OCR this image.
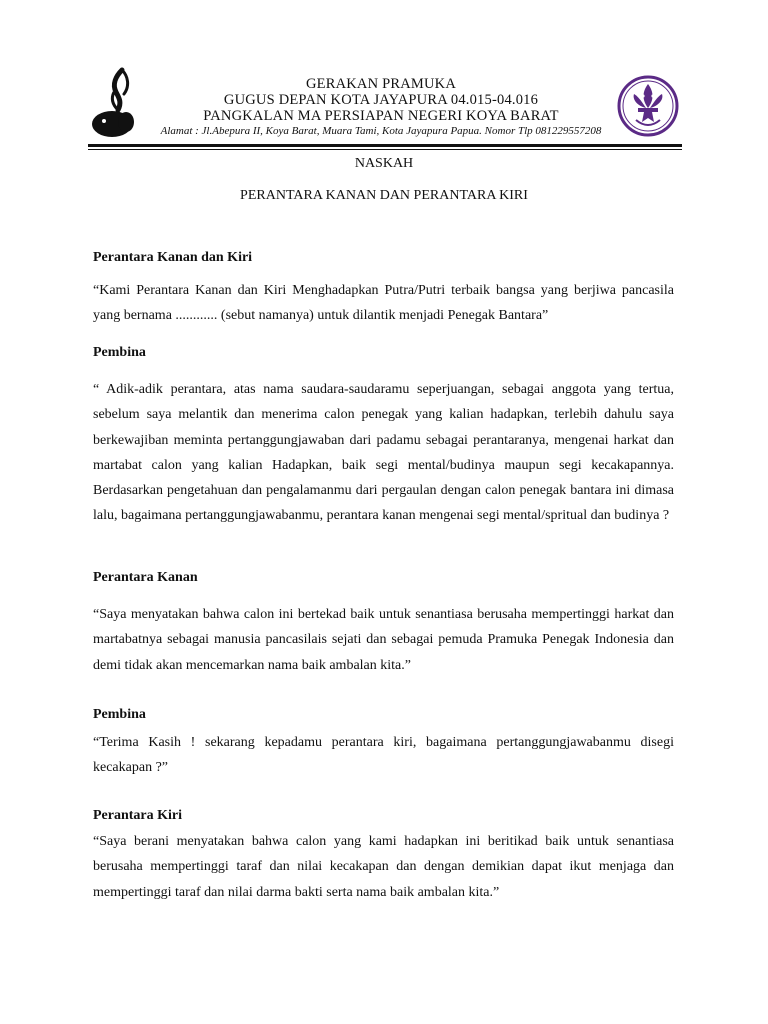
GERAKAN PRAMUKA
GUGUS DEPAN KOTA JAYAPURA 04.015-04.016
PANGKALAN MA PERSIAPAN NEGERI KOYA BARAT
Alamat : Jl.Abepura II, Koya Barat, Muara Tami, Kota Jayapura Papua. Nomor Tlp 081229557208
NASKAH
PERANTARA KANAN DAN PERANTARA KIRI
Perantara Kanan dan Kiri
“Kami Perantara Kanan dan Kiri Menghadapkan Putra/Putri terbaik bangsa yang berjiwa pancasila yang bernama ............ (sebut namanya) untuk dilantik menjadi Penegak Bantara”
Pembina
“ Adik-adik perantara, atas nama saudara-saudaramu seperjuangan, sebagai anggota yang tertua, sebelum saya melantik dan menerima calon penegak yang kalian hadapkan, terlebih dahulu saya berkewajiban meminta pertanggungjawaban dari padamu sebagai perantaranya, mengenai harkat dan martabat calon yang kalian Hadapkan, baik segi mental/budinya maupun segi kecakapannya. Berdasarkan pengetahuan dan pengalamanmu dari pergaulan dengan calon penegak bantara ini dimasa lalu, bagaimana pertanggungjawabanmu, perantara kanan mengenai segi mental/spritual dan budinya ?
Perantara Kanan
“Saya menyatakan bahwa calon ini bertekad baik untuk senantiasa berusaha mempertinggi harkat dan martabatnya sebagai manusia pancasilais sejati dan sebagai pemuda Pramuka Penegak Indonesia dan demi tidak akan mencemarkan nama baik ambalan kita.”
Pembina
“Terima Kasih ! sekarang kepadamu perantara kiri, bagaimana pertanggungjawabanmu disegi kecakapan ?”
Perantara Kiri
“Saya berani menyatakan bahwa calon yang kami hadapkan ini beritikad baik untuk senantiasa berusaha mempertinggi taraf dan nilai kecakapan dan dengan demikian dapat ikut menjaga dan mempertinggi taraf dan nilai darma bakti serta nama baik ambalan kita.”
